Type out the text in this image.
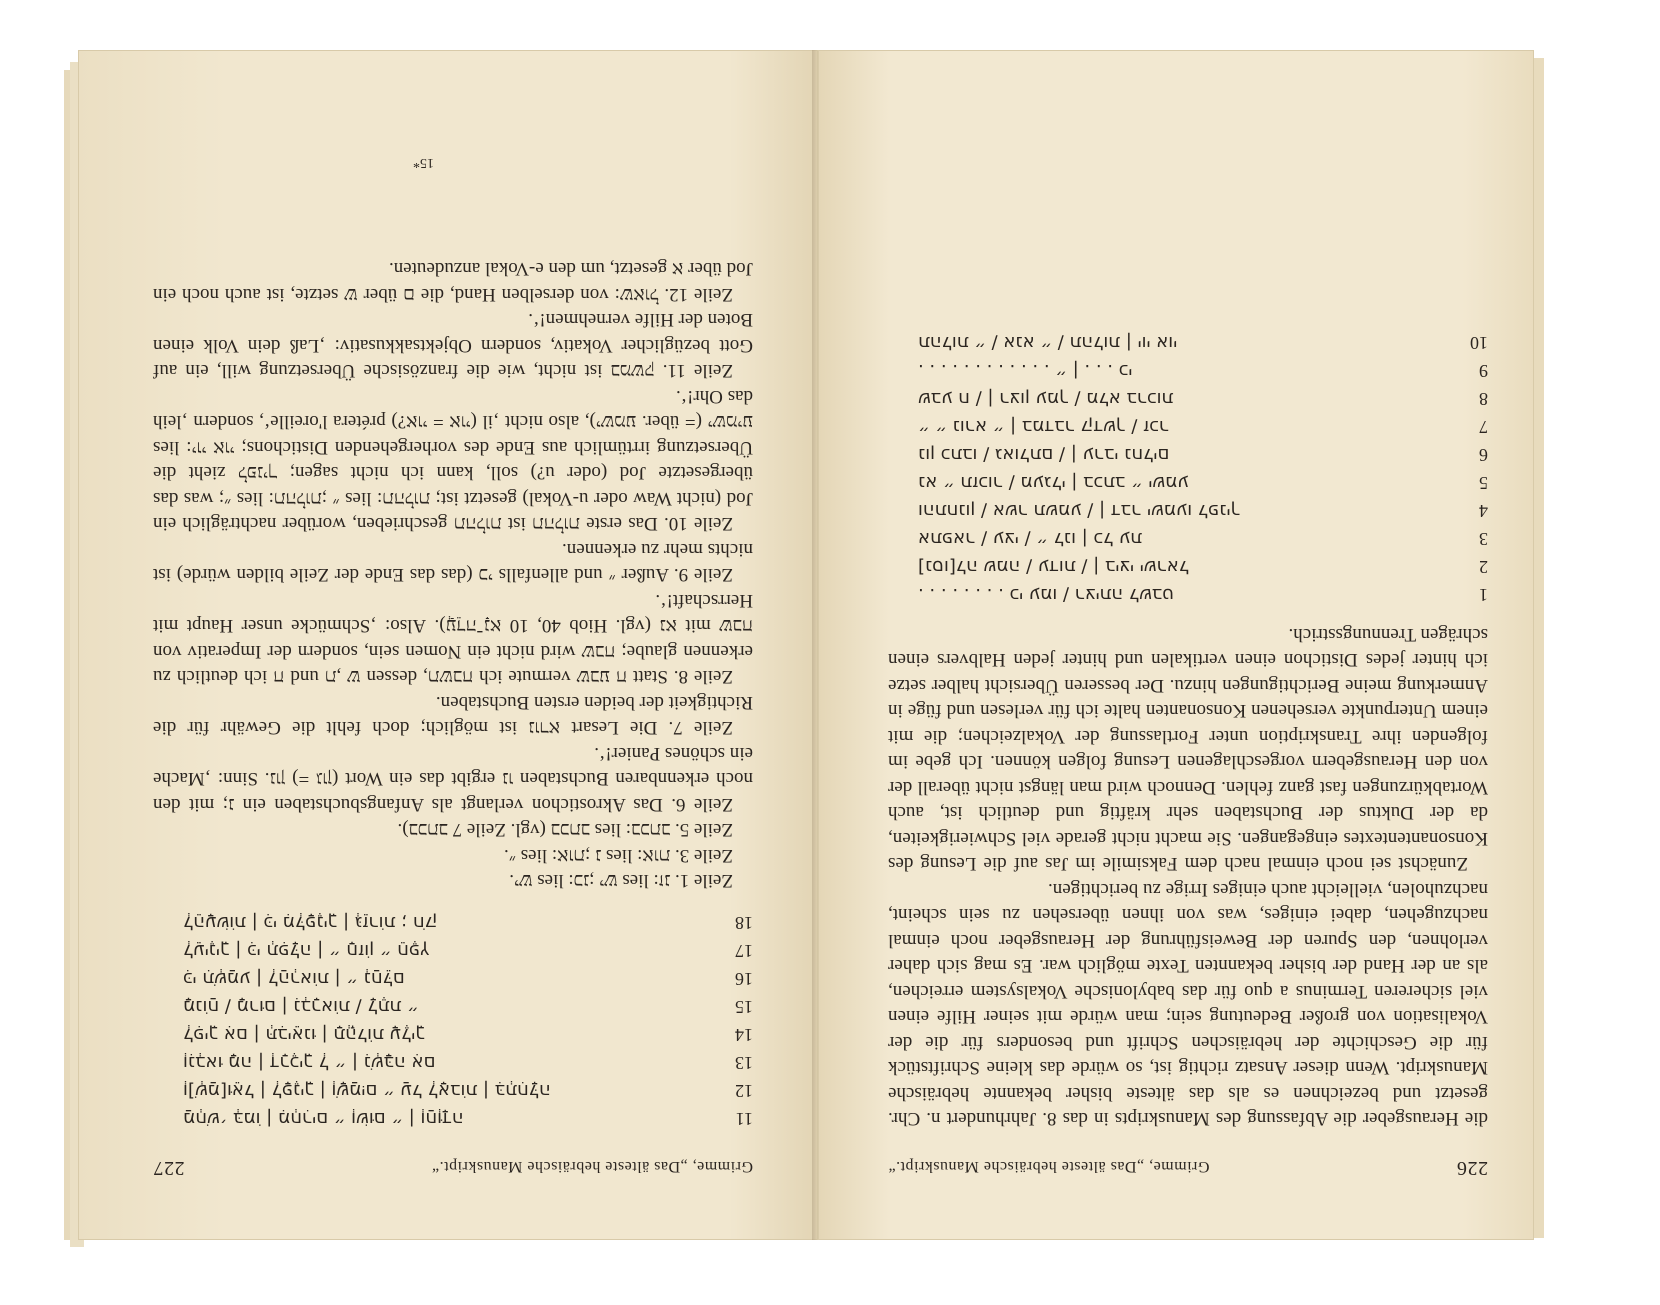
Grimme, „Das älteste hebräische Manuskript.“
227
11
מַחְשׁ׳ בְּמוֹ | מִחְרִים ״ וְשׂוּם ״ | וְחַוְּדָה
12
וְ[שְׁמַ]וּאֵל | לְפָנֶיךָ | וְשָׁמַיִם ״ עַל לְאָבוֹת | בִּתְחִלָּה
13
וְנִבְאוּ מָה | דְרָכֶיךָ לְ ״ | נִשְׁבָּה אִם
14
לְפִיךָ אִם | תְּבִיאֵנוּ | תָהֳלוֹת עָלֶיךָ
15
מָנוֹחַ / מָרוּם | נִבְרָאוֹת / לָתֶת ״
16
כִּי תִשְׁמַע | לְהַרְאוֹת | ״ נְחַלֵּם
17
לְעֵינֶיךָ | כִּי תְפִלָּה | ״ חָזוֹן ״ חֵפֶץ
18
לְהֵעָשׂוֹת | כִּי מִלְּפָנֶיךָ | גְּזֵרוֹת ; חֹק

Zeile 1. זנ: lies כנ; יש: lies יש.

Zeile 3. אות: lies אות; נ: lies ״.

Zeile 5. בכתב: lies בכתב (vgl. Zeile 7 בכתב).

Zeile 6. Das Akrostichon verlangt als Anfangsbuchstaben ein נ; mit den noch erkennbaren Buchstaben נו ergibt das ein Wort נון (= גון). Sinn: ‚Mache ein schönes Panier!‘.

Zeile 7. Die Lesart נורא ist möglich; doch fehlt die Gewähr für die Richtigkeit der beiden ersten Buchstaben.

Zeile 8. Statt שבע ח vermute ich תשבח, dessen ת, ש und ח ich deutlich zu erkennen glaube; שבח wird nicht ein Nomen sein, sondern der Imperativ von שבח mit נא (vgl. Hiob 40, 10 עֲדֵה־נָא). Also: ‚Schmücke unser Haupt mit Herrschaft!‘.

Zeile 9. Außer ״ und allenfalls כי (das das Ende der Zeile bilden würde) ist nichts mehr zu erkennen.

Zeile 10. Das erste תהלות ist תהלות geschrieben, worüber nachträglich ein Jod (nicht Waw oder u-Vokal) gesetzt ist; תהלות: lies תהלות; ״: lies ״; was das übergesetzte Jod (oder u?) soll, kann ich nicht sagen; לפניך zieht die Übersetzung irrtümlich aus Ende des vorhergehenden Distichons; יוי אוי: lies ישמיע (= über. ישמע), also nicht ‚il (אוי = אוי?) prétera l'oreille‘, sondern ‚leih das Ohr!‘.

Zeile 11. במשק ist nicht, wie die französische Übersetzung will, ein auf Gott bezüglicher Vokativ, sondern Objektsakkusativ: ‚Laß dein Volk einen Boten der Hilfe vernehmen!‘.

Zeile 12. שאול: von derselben Hand, die ם über ש setzte, ist auch noch ein Jod über א gesetzt, um den e-Vokal anzudeuten.

15*
226
Grimme, „Das älteste hebräische Manuskript.“

die Herausgeber die Abfassung des Manuskripts in das 8. Jahrhundert n. Chr. gesetzt und bezeichnen es als das älteste bisher bekannte hebräische Manuskript. Wenn dieser Ansatz richtig ist, so würde das kleine Schriftstück für die Geschichte der hebräischen Schrift und besonders für die der Vokalisation von großer Bedeutung sein; man würde mit seiner Hilfe einen viel sichereren Terminus a quo für das babylonische Vokalsystem erreichen, als an der Hand der bisher bekannten Texte möglich war. Es mag sich daher verlohnen, den Spuren der Beweisführung der Herausgeber noch einmal nachzugehen, dabei einiges, was von ihnen übersehen zu sein scheint, nachzuholen, vielleicht auch einiges Irrige zu berichtigen.

Zunächst sei noch einmal nach dem Faksimile im Jas auf die Lesung des Konsonantentextes eingegangen. Sie macht nicht gerade viel Schwierigkeiten, da der Duktus der Buchstaben sehr kräftig und deutlich ist, auch Wortabkürzungen fast ganz fehlen. Dennoch wird man längst nicht überall der von den Herausgebern vorgeschlagenen Lesung folgen können. Ich gebe im folgenden ihre Transkription unter Fortlassung der Vokalzeichen; die mit einem Unterpunkte versehenen Konsonanten halte ich für verlesen und füge in Anmerkung meine Berichtigungen hinzu. Der besseren Übersicht halber setze ich hinter jedes Distichon einen vertikalen und hinter jeden Halbvers einen schrägen Trennungsstrich.

1
. . . . . . . . כי עמו / רציתה לשבט
2
[נסו]לה שמה / עדות / | ביצי ישראל
3
אתפאר / עצי / ״ לנו | כל עת
4
והתחנון / אשר תשמע / | דבר ישמעו לפניך
5
נא ״ תזכור / מעגלי | בכתב ״ ישמע
6
נון כתבו / גאולתם / | ערבי נחלים
7
״ ״ נורא ״ | במדבר קדשך / זכר
8
שבע ח / | רצון עמך / מלא ברכות
9
. . . . . . . . . . . . ״ | . . . כי
10
תהלות ״ / אנא ״ / תהלות | יוי אוי
